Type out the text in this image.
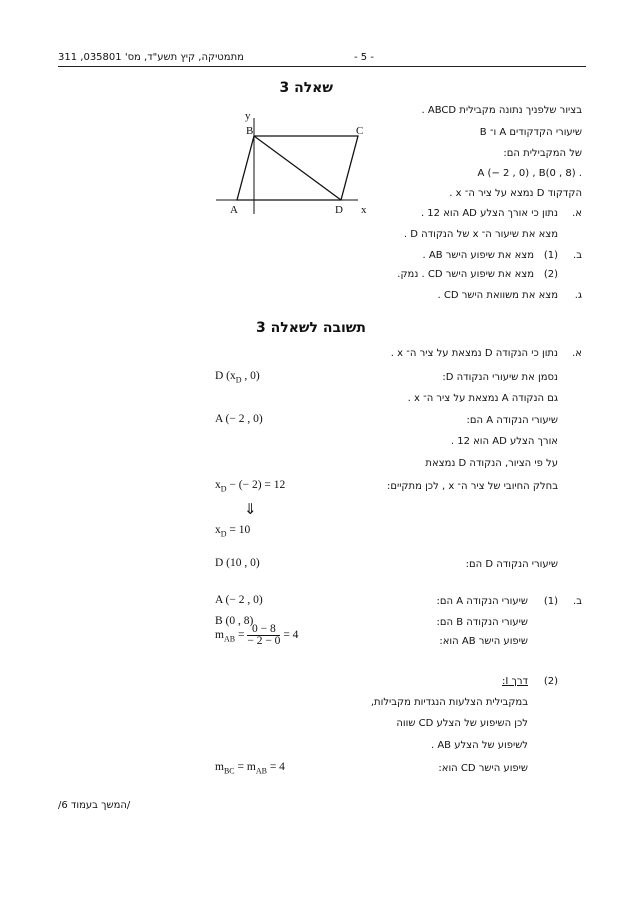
- 5 -
מתמטיקה, קיץ תשע"ד, מס' 035801, 311
שאלה 3
y
B	C
A	D x
בציור שלפניך נתונה מקבילית ABCD .
שיעורי הקדקודים A ו־ B
של המקבילית הם:
A (− 2 , 0) , B(0 , 8) .
הקדקוד D נמצא על ציר ה־ x .
א.
נתון כי אורך הצלע AD הוא 12 .
מצא את שיעור ה־ x של הנקודה D .
ב.
(1)
מצא את שיפוע הישר AB .
(2)
מצא את שיפוע הישר CD . נמק.
ג.
מצא את משוואת הישר CD .
תשובה לשאלה 3
א.
נתון כי הנקודה D נמצאת על ציר ה־ x .
נסמן את שיעורי הנקודה D:
D ($x_D$ , 0)
גם הנקודה A נמצאת על ציר ה־ x .
שיעורי הנקודה A הם:
A (− 2 , 0)
אורך הצלע AD הוא 12 .
על פי הציור, הנקודה D נמצאת
בחלק החיובי של ציר ה־ x , לכן מתקיים:
$x_D$ − (− 2) = 12
⇓
$x_D = 10$
שיעורי הנקודה D הם:
D (10 , 0)
ב.
(1)
שיעורי הנקודה A הם:
A (− 2 , 0)
שיעורי הנקודה B הם:
B (0 , 8)
שיפוע הישר AB הוא:
$m_{AB} = \frac{0 - 8}{- 2 - 0} = 4$
(2)
דרך I:
במקבילית הצלעות הנגדיות מקבילות,
לכן השיפוע של הצלע CD שווה
לשיפוע של הצלע AB .
שיפוע הישר CD הוא:
$m_{BC} = m_{AB} = 4$
/המשך בעמוד 6/
